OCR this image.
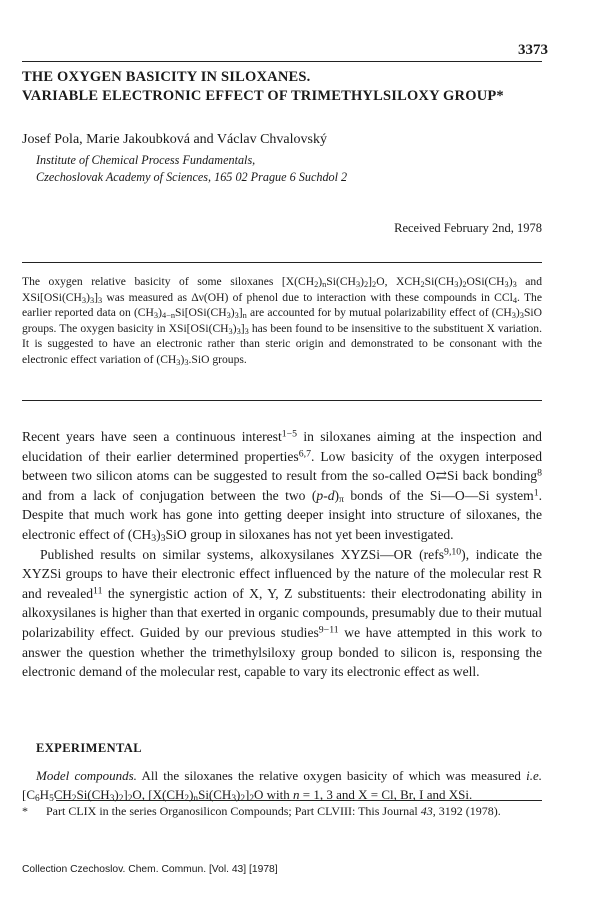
3373
THE OXYGEN BASICITY IN SILOXANES.
VARIABLE ELECTRONIC EFFECT OF TRIMETHYLSILOXY GROUP*
Josef Pola, Marie Jakoubková and Václav Chvalovský
Institute of Chemical Process Fundamentals,
Czechoslovak Academy of Sciences, 165 02 Prague 6 Suchdol 2
Received February 2nd, 1978

The oxygen relative basicity of some siloxanes $[X(CH_2)_nSi(CH_3)_2]_2O$, $XCH_2Si(CH_3)_2OSi(CH_3)_3$ and $XSi[OSi(CH_3)_3]_3$ was measured as Δν(OH) of phenol due to interaction with these compounds in CCl$_4$. The earlier reported data on $(CH_3)_{4-n}Si[OSi(CH_3)_3]_n$ are accounted for by mutual polarizability effect of $(CH_3)_3SiO$ groups. The oxygen basicity in $XSi[OSi(CH_3)_3]_3$ has been found to be insensitive to the substituent X variation. It is suggested to have an electronic rather than steric origin and demonstrated to be consonant with the electronic effect variation of $(CH_3)_3.SiO$ groups.

Recent years have seen a continuous interest$^{1-5}$ in siloxanes aiming at the inspection and elucidation of their earlier determined properties$^{6,7}$. Low basicity of the oxygen interposed between two silicon atoms can be suggested to result from the so-called O⇄Si back bonding$^8$ and from a lack of conjugation between the two $(p-d)_\pi$ bonds of the Si—O—Si system$^1$. Despite that much work has gone into getting deeper insight into structure of siloxanes, the electronic effect of $(CH_3)_3SiO$ group in siloxanes has not yet been investigated.

Published results on similar systems, alkoxysilanes XYZSi—OR (refs$^{9,10}$), indicate the XYZSi groups to have their electronic effect influenced by the nature of the molecular rest R and revealed$^{11}$ the synergistic action of X, Y, Z substituents: their electrodonating ability in alkoxysilanes is higher than that exerted in organic compounds, presumably due to their mutual polarizability effect. Guided by our previous studies$^{9-11}$ we have attempted in this work to answer the question whether the trimethylsiloxy group bonded to silicon is, responsing the electronic demand of the molecular rest, capable to vary its electronic effect as well.

EXPERIMENTAL
Model compounds. All the siloxanes the relative oxygen basicity of which was measured i.e. $[C_6H_5CH_2Si(CH_3)_2]_2O$, $[X(CH_2)_nSi(CH_3)_2]_2O$ with n = 1, 3 and X = Cl, Br, I and XSi.
*      Part CLIX in the series Organosilicon Compounds; Part CLVIII: This Journal 43, 3192 (1978).
Collection Czechoslov. Chem. Commun. [Vol. 43] [1978]
